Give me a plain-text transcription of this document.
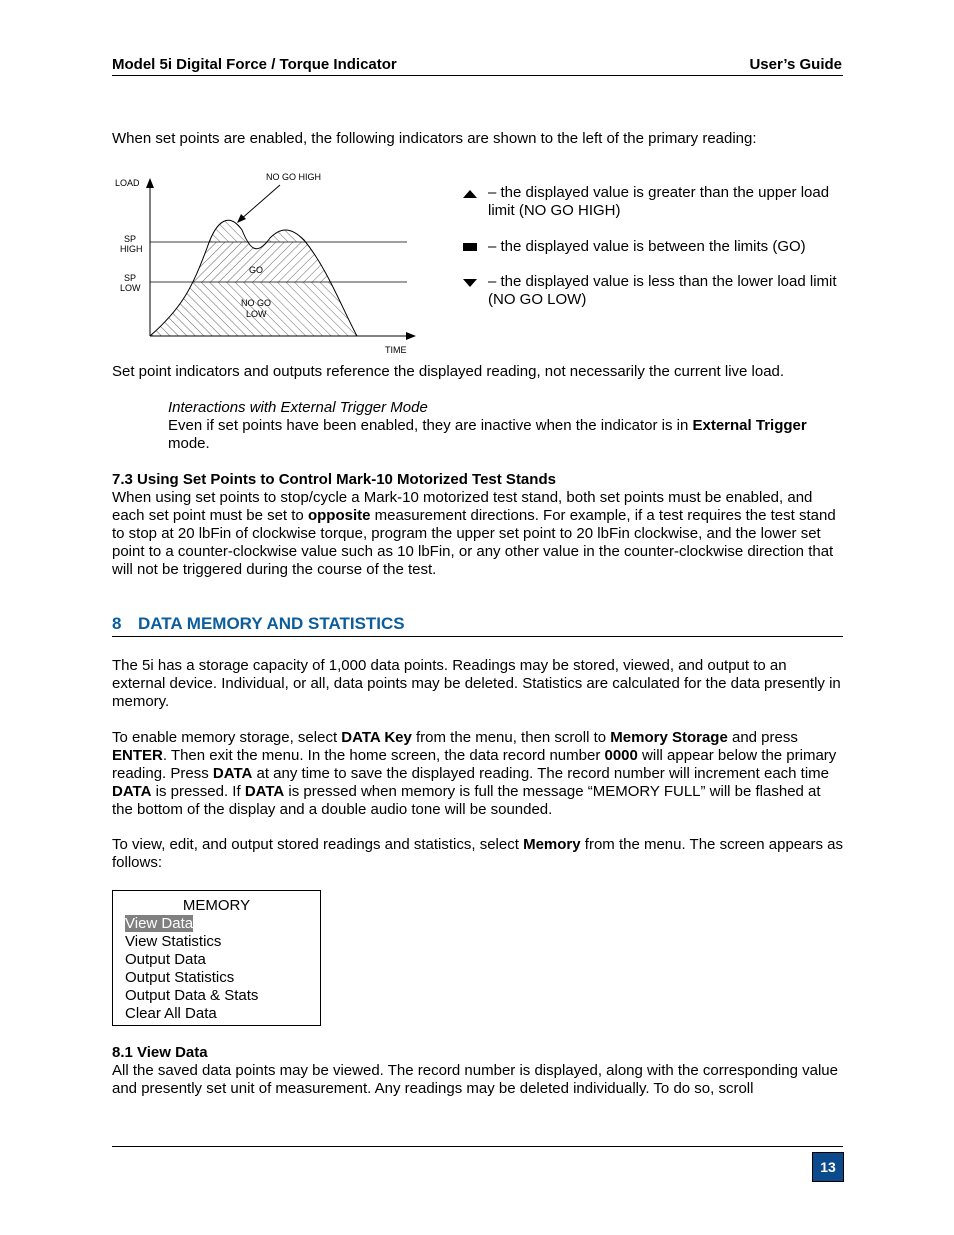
Model 5i Digital Force / Torque Indicator	User’s Guide
When set points are enabled, the following indicators are shown to the left of the primary reading:
LOAD
NO GO HIGH
SP
HIGH
SP
LOW
GO
NO GO
LOW
TIME
– the displayed value is greater than the upper load limit (NO GO HIGH)
– the displayed value is between the limits (GO)
– the displayed value is less than the lower load limit (NO GO LOW)
Set point indicators and outputs reference the displayed reading, not necessarily the current live load.
Interactions with External Trigger Mode
Even if set points have been enabled, they are inactive when the indicator is in External Trigger mode.
7.3 Using Set Points to Control Mark-10 Motorized Test Stands
When using set points to stop/cycle a Mark-10 motorized test stand, both set points must be enabled, and each set point must be set to opposite measurement directions. For example, if a test requires the test stand to stop at 20 lbFin of clockwise torque, program the upper set point to 20 lbFin clockwise, and the lower set point to a counter-clockwise value such as 10 lbFin, or any other value in the counter-clockwise direction that will not be triggered during the course of the test.
8 DATA MEMORY AND STATISTICS
The 5i has a storage capacity of 1,000 data points. Readings may be stored, viewed, and output to an external device. Individual, or all, data points may be deleted. Statistics are calculated for the data presently in memory.
To enable memory storage, select DATA Key from the menu, then scroll to Memory Storage and press ENTER. Then exit the menu. In the home screen, the data record number 0000 will appear below the primary reading. Press DATA at any time to save the displayed reading. The record number will increment each time DATA is pressed. If DATA is pressed when memory is full the message “MEMORY FULL” will be flashed at the bottom of the display and a double audio tone will be sounded.
To view, edit, and output stored readings and statistics, select Memory from the menu. The screen appears as follows:
MEMORY
View Data
View Statistics
Output Data
Output Statistics
Output Data & Stats
Clear All Data
8.1 View Data
All the saved data points may be viewed. The record number is displayed, along with the corresponding value and presently set unit of measurement. Any readings may be deleted individually. To do so, scroll
13
